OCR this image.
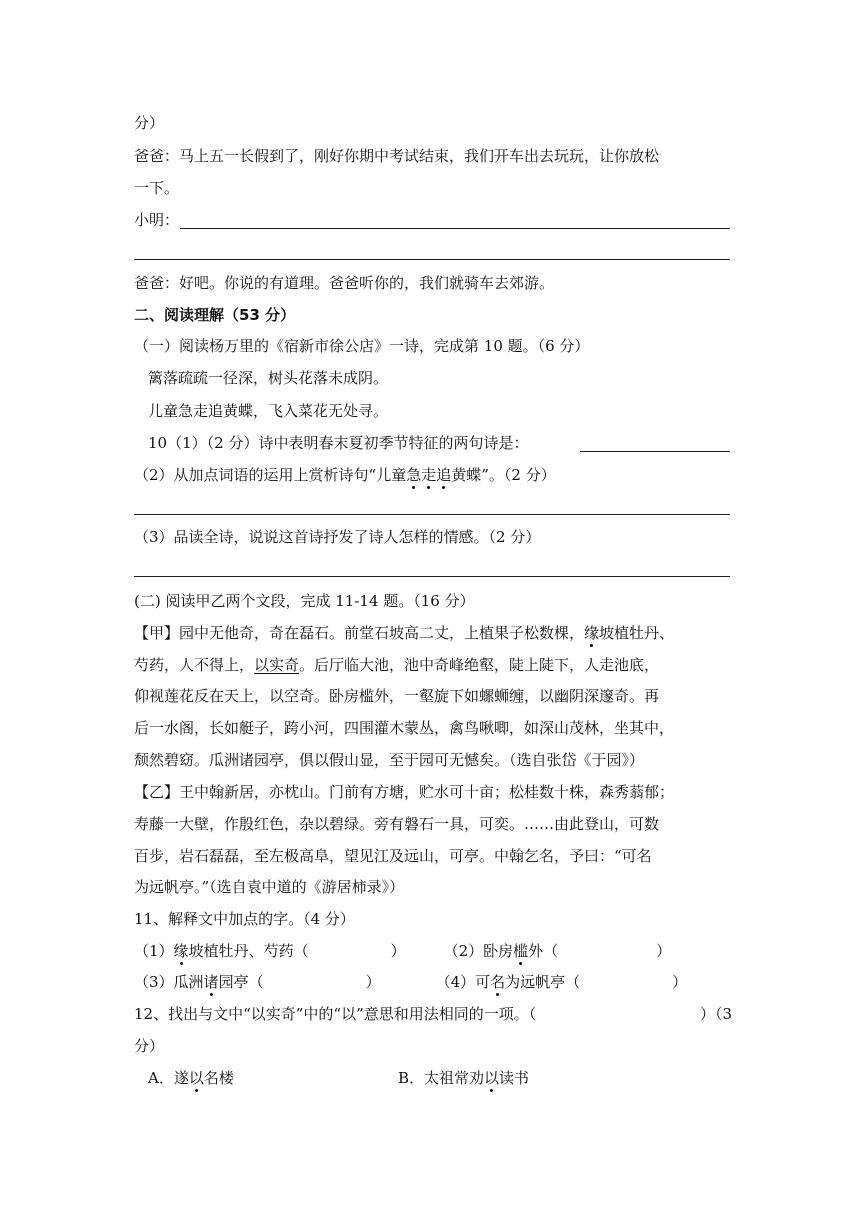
分）
爸爸：马上五一长假到了，刚好你期中考试结束，我们开车出去玩玩，让你放松
一下。
小明：
爸爸：好吧。你说的有道理。爸爸听你的，我们就骑车去郊游。
二、阅读理解（53 分）
（一）阅读杨万里的《宿新市徐公店》一诗，完成第 10 题。（6 分）
篱落疏疏一径深，树头花落未成阴。
儿童急走追黄蝶，飞入菜花无处寻。
10（1）（2 分）诗中表明春末夏初季节特征的两句诗是：
（2）从加点词语的运用上赏析诗句“儿童急走追黄蝶”。（2 分）
（3）品读全诗，说说这首诗抒发了诗人怎样的情感。（2 分）
(二) 阅读甲乙两个文段，完成 11-14 题。（16 分）
【甲】园中无他奇，奇在磊石。前堂石坡高二丈，上植果子松数棵，缘坡植牡丹、
芍药，人不得上，以实奇。后厅临大池，池中奇峰绝壑，陡上陡下，人走池底，
仰视莲花反在天上，以空奇。卧房槛外，一壑旋下如螺蛳缠，以幽阴深邃奇。再
后一水阁，长如艇子，跨小河，四围灌木蒙丛，禽鸟啾唧，如深山茂林，坐其中，
颓然碧窈。瓜洲诸园亭，俱以假山显，至于园可无憾矣。（选自张岱《于园》）
【乙】王中翰新居，亦枕山。门前有方塘，贮水可十亩；松桂数十株，森秀蓊郁；
寿藤一大壁，作殷红色，杂以碧绿。旁有磐石一具，可奕。……由此登山，可数
百步，岩石磊磊，至左极高阜，望见江及远山，可亭。中翰乞名，予曰：“可名
为远帆亭。”（选自袁中道的《游居柿录》）
11、解释文中加点的字。（4 分）
（1）缘坡植牡丹、芍药（	）	（2）卧房槛外（	）
（3）瓜洲诸园亭（	）	（4）可名为远帆亭（	）
12、找出与文中“以实奇”中的“以”意思和用法相同的一项。（	）（3
分）
A．遂以名楼	B．太祖常劝以读书
